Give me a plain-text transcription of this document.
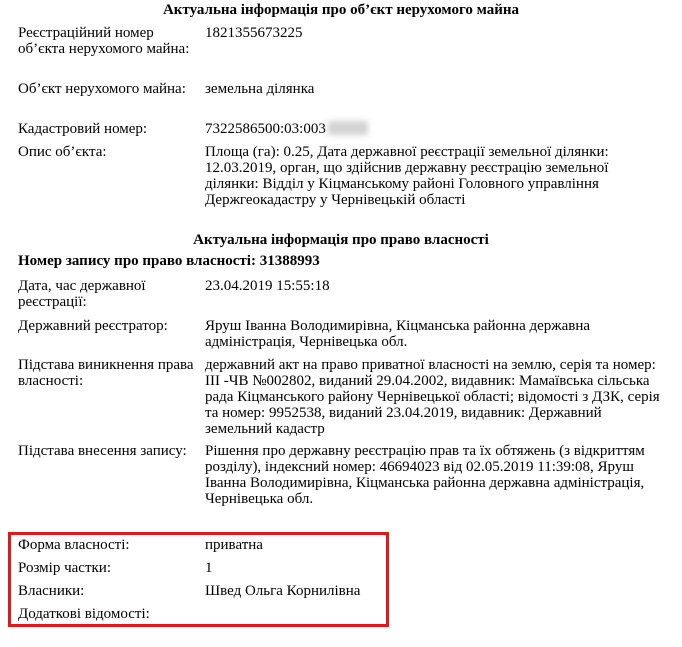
Актуальна інформація про об’єкт нерухомого майна
Реєстраційний номер об’єкта нерухомого майна:
1821355673225
Об’єкт нерухомого майна:	земельна ділянка
Кадастровий номер:	7322586500:03:003
Опис об’єкта:	Площа (га): 0.25, Дата державної реєстрації земельної ділянки: 12.03.2019, орган, що здійснив державну реєстрацію земельної ділянки: Відділ у Кіцманському районі Головного управління Держгеокадастру у Чернівецькій області
Актуальна інформація про право власності
Номер запису про право власності: 31388993
Дата, час державної реєстрації:
23.04.2019 15:55:18
Державний реєстратор:	Яруш Іванна Володимирівна, Кіцманська районна державна адміністрація, Чернівецька обл.
Підстава виникнення права власності:
державний акт на право приватної власності на землю, серія та номер: ІІІ -ЧВ №002802, виданий 29.04.2002, видавник: Мамаївська сільська рада Кіцманського району Чернівецької області; відомості з ДЗК, серія та номер: 9952538, виданий 23.04.2019, видавник: Державний земельний кадастр
Підстава внесення запису:	Рішення про державну реєстрацію прав та їх обтяжень (з відкриттям розділу), індексний номер: 46694023 від 02.05.2019 11:39:08, Яруш Іванна Володимирівна, Кіцманська районна державна адміністрація, Чернівецька обл.
Форма власності:	приватна
Розмір частки:	1
Власники:	Швед Ольга Корнилівна
Додаткові відомості:
